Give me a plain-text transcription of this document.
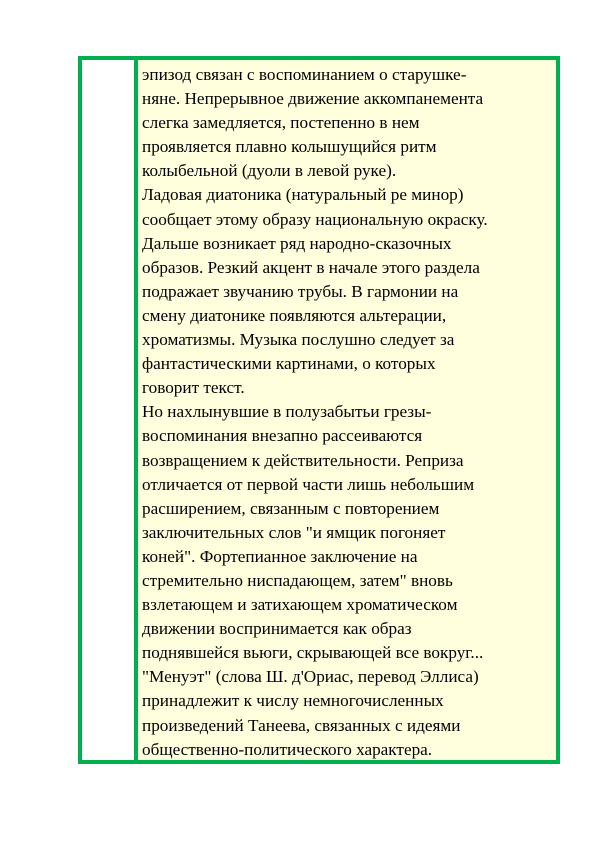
эпизод связан с воспоминанием о старушке-
няне. Непрерывное движение аккомпанемента
слегка замедляется, постепенно в нем
проявляется плавно колышущийся ритм
колыбельной (дуоли в левой руке).

Ладовая диатоника (натуральный ре минор)
сообщает этому образу национальную окраску.
Дальше возникает ряд народно-сказочных
образов. Резкий акцент в начале этого раздела
подражает звучанию трубы. В гармонии на
смену диатонике появляются альтерации,
хроматизмы. Музыка послушно следует за
фантастическими картинами, о которых
говорит текст.

Но нахлынувшие в полузабытьи грезы-
воспоминания внезапно рассеиваются
возвращением к действительности. Реприза
отличается от первой части лишь небольшим
расширением, связанным с повторением
заключительных слов "и ямщик погоняет
коней". Фортепианное заключение на
стремительно ниспадающем, затем" вновь
взлетающем и затихающем хроматическом
движении воспринимается как образ
поднявшейся вьюги, скрывающей все вокруг...

"Менуэт" (слова Ш. д'Ориас, перевод Эллиса)
принадлежит к числу немногочисленных
произведений Танеева, связанных с идеями
общественно-политического характера.
